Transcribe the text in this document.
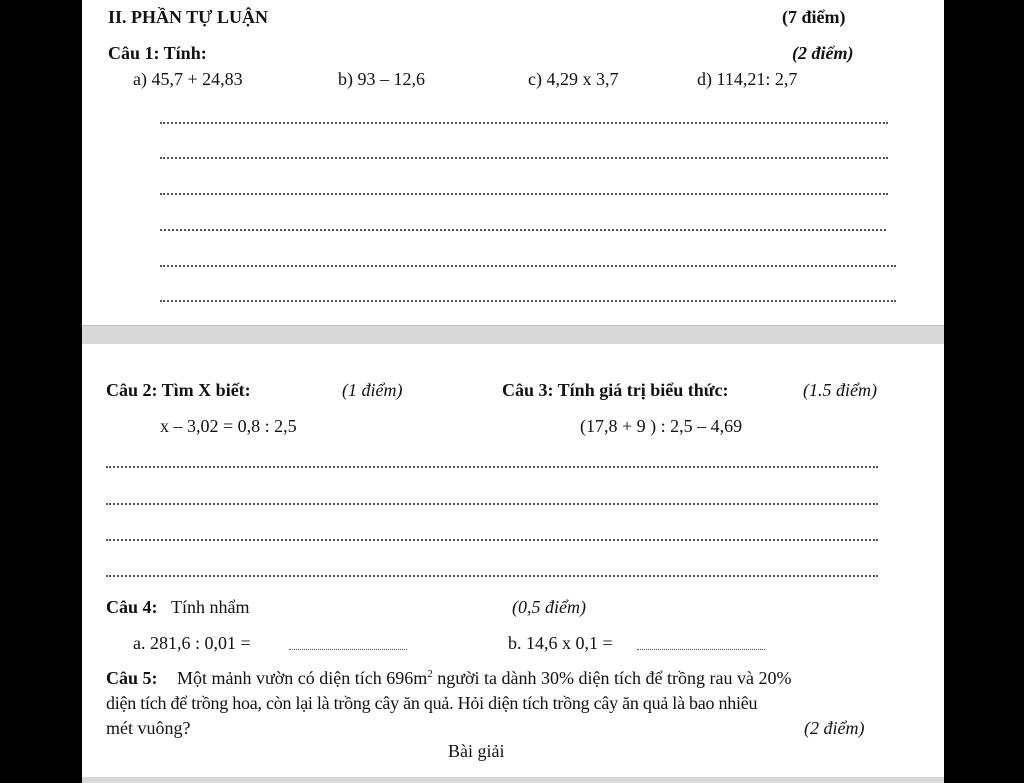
II. PHẦN TỰ LUẬN	(7 điểm)
Câu 1: Tính:	(2 điểm)
a) 45,7 + 24,83	b) 93 – 12,6	c) 4,29 x 3,7	d) 114,21: 2,7
Câu 2: Tìm X biết:	(1 điểm)	Câu 3: Tính giá trị biểu thức:	(1.5 điểm)
x – 3,02 = 0,8 : 2,5	(17,8 + 9 ) : 2,5 – 4,69
Câu 4: Tính nhẩm	(0,5 điểm)
a. 281,6 : 0,01 =	b. 14,6 x 0,1 =
Câu 5: Một mảnh vườn có diện tích $696m^2$ người ta dành 30% diện tích để trồng rau và 20%
diện tích để trồng hoa, còn lại là trồng cây ăn quả. Hỏi diện tích trồng cây ăn quả là bao nhiêu
mét vuông?	(2 điểm)
Bài giải
